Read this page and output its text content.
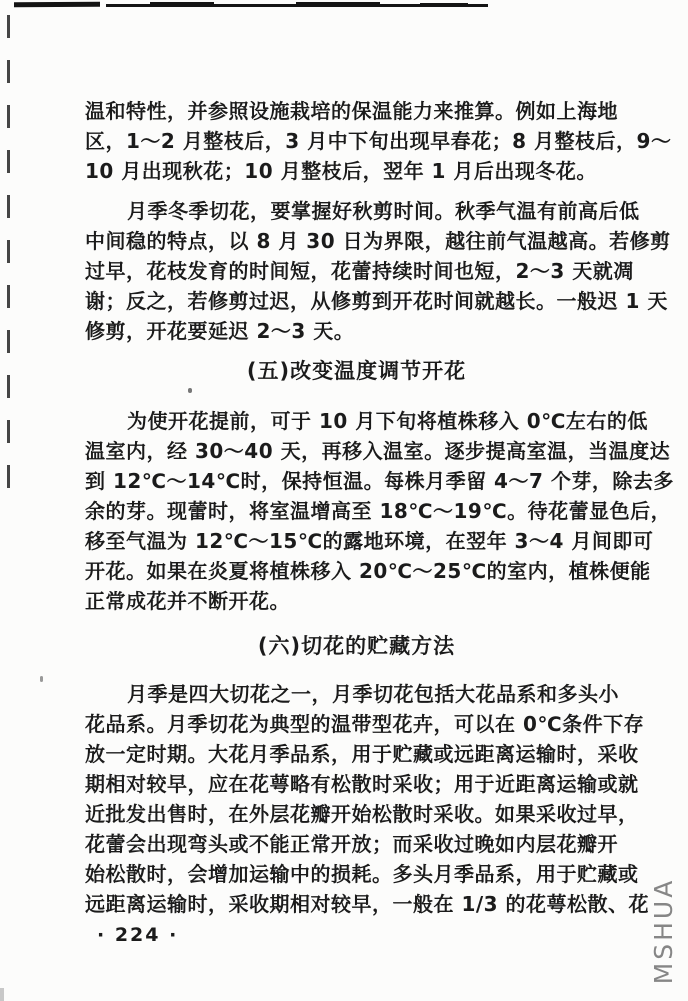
温和特性，并参照设施栽培的保温能力来推算。例如上海地
区，1～2 月整枝后，3 月中下旬出现早春花；8 月整枝后，9～
10 月出现秋花；10 月整枝后，翌年 1 月后出现冬花。
月季冬季切花，要掌握好秋剪时间。秋季气温有前高后低
中间稳的特点，以 8 月 30 日为界限，越往前气温越高。若修剪
过早，花枝发育的时间短，花蕾持续时间也短，2～3 天就凋
谢；反之，若修剪过迟，从修剪到开花时间就越长。一般迟 1 天
修剪，开花要延迟 2～3 天。
(五)改变温度调节开花
为使开花提前，可于 10 月下旬将植株移入 0℃左右的低
温室内，经 30～40 天，再移入温室。逐步提高室温，当温度达
到 12℃～14℃时，保持恒温。每株月季留 4～7 个芽，除去多
余的芽。现蕾时，将室温增高至 18℃～19℃。待花蕾显色后，
移至气温为 12℃～15℃的露地环境，在翌年 3～4 月间即可
开花。如果在炎夏将植株移入 20℃～25℃的室内，植株便能
正常成花并不断开花。
(六)切花的贮藏方法
月季是四大切花之一，月季切花包括大花品系和多头小
花品系。月季切花为典型的温带型花卉，可以在 0℃条件下存
放一定时期。大花月季品系，用于贮藏或远距离运输时，采收
期相对较早，应在花萼略有松散时采收；用于近距离运输或就
近批发出售时，在外层花瓣开始松散时采收。如果采收过早，
花蕾会出现弯头或不能正常开放；而采收过晚如内层花瓣开
始松散时，会增加运输中的损耗。多头月季品系，用于贮藏或
远距离运输时，采收期相对较早，一般在 1/3 的花萼松散、花
· 224 ·	MSHUA
